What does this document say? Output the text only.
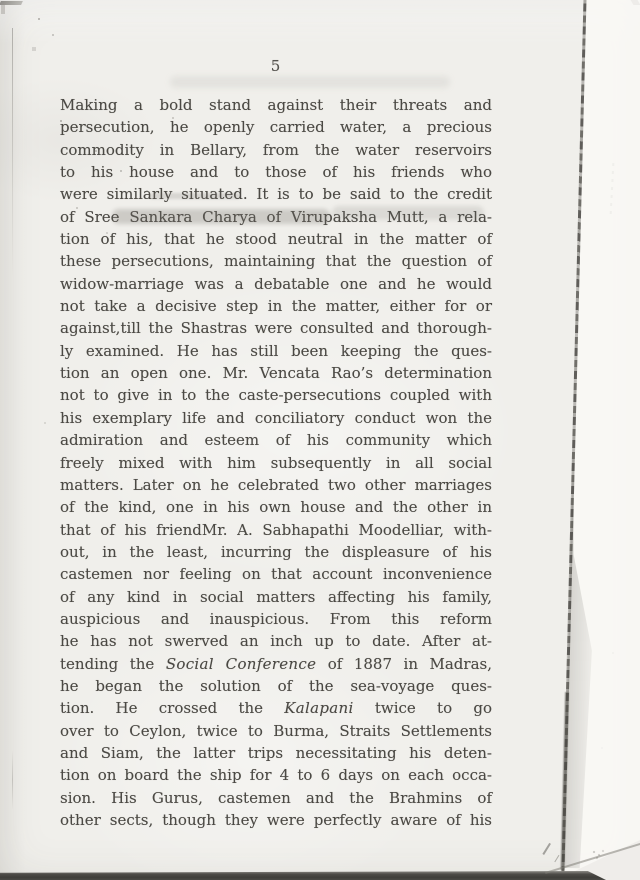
5
Making a bold stand against their threats and
persecution, he openly carried water, a precious
commodity in Bellary, from the water reservoirs
to his house and to those of his friends who
were similarly situated. It is to be said to the credit
of Sree Sankara Charya of Virupaksha Mutt, a rela-
tion of his, that he stood neutral in the matter of
these persecutions, maintaining that the question of
widow-marriage was a debatable one and he would
not take a decisive step in the matter, either for or
against,till the Shastras were consulted and thorough-
ly examined. He has still been keeping the ques-
tion an open one. Mr. Vencata Rao’s determination
not to give in to the caste-persecutions coupled with
his exemplary life and conciliatory conduct won the
admiration and esteem of his community which
freely mixed with him subsequently in all social
matters. Later on he celebrated two other marriages
of the kind, one in his own house and the other in
that of his friendMr. A. Sabhapathi Moodelliar, with-
out, in the least, incurring the displeasure of his
castemen nor feeling on that account inconvenience
of any kind in social matters affecting his family,
auspicious and inauspicious. From this reform
he has not swerved an inch up to date. After at-
tending the Social Conference of 1887 in Madras,
he began the solution of the sea-voyage ques-
tion. He crossed the Kalapani twice to go
over to Ceylon, twice to Burma, Straits Settlements
and Siam, the latter trips necessitating his deten-
tion on board the ship for 4 to 6 days on each occa-
sion. His Gurus, castemen and the Brahmins of
other sects, though they were perfectly aware of his
